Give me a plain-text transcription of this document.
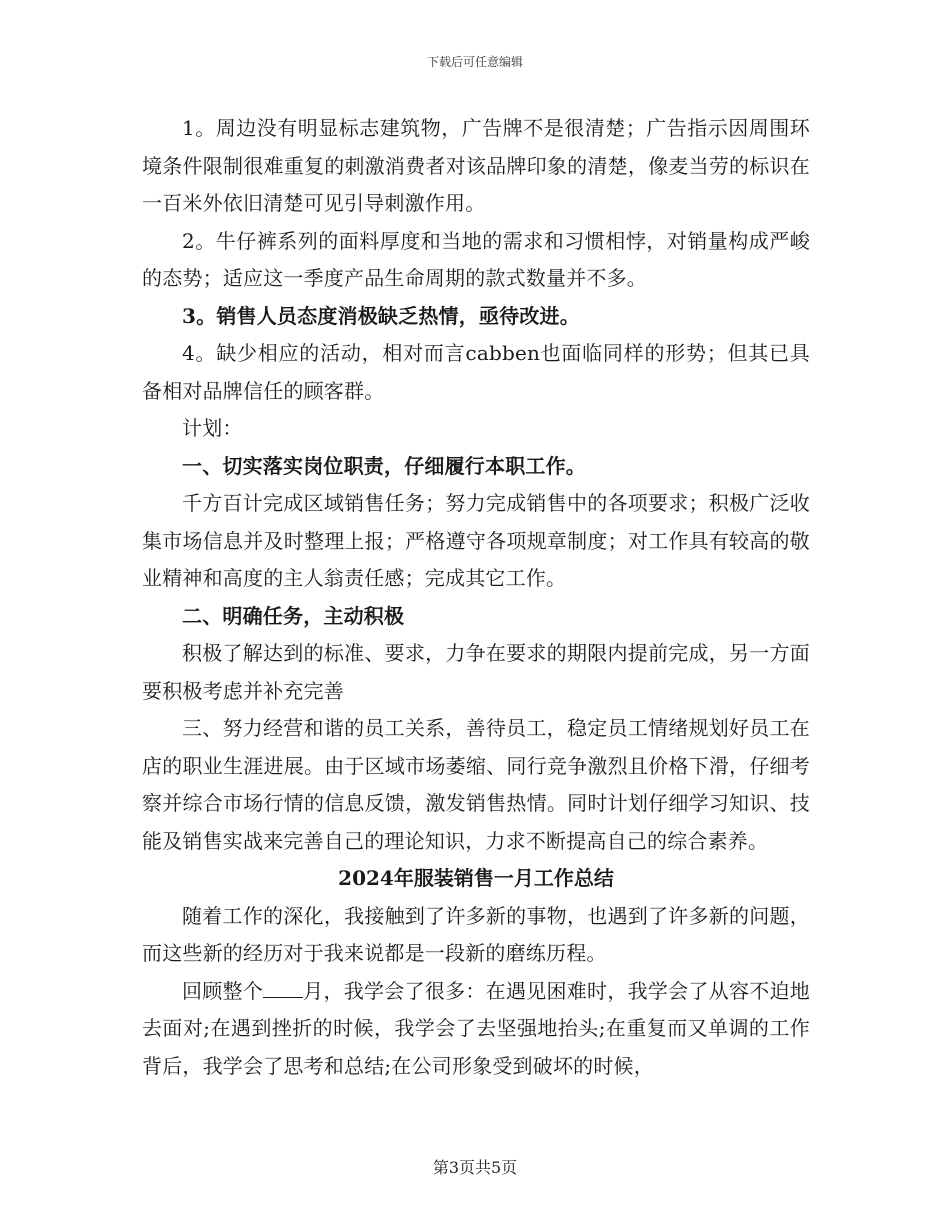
下载后可任意编辑

1。周边没有明显标志建筑物，广告牌不是很清楚；广告指示因周围环境条件限制很难重复的刺激消费者对该品牌印象的清楚，像麦当劳的标识在一百米外依旧清楚可见引导刺激作用。

2。牛仔裤系列的面料厚度和当地的需求和习惯相悖，对销量构成严峻的态势；适应这一季度产品生命周期的款式数量并不多。

3。销售人员态度消极缺乏热情，亟待改进。

4。缺少相应的活动，相对而言cabben也面临同样的形势；但其已具备相对品牌信任的顾客群。

计划：

一、切实落实岗位职责，仔细履行本职工作。

千方百计完成区域销售任务；努力完成销售中的各项要求；积极广泛收集市场信息并及时整理上报；严格遵守各项规章制度；对工作具有较高的敬业精神和高度的主人翁责任感；完成其它工作。

二、明确任务，主动积极

积极了解达到的标准、要求，力争在要求的期限内提前完成，另一方面要积极考虑并补充完善

三、努力经营和谐的员工关系，善待员工，稳定员工情绪规划好员工在店的职业生涯进展。由于区域市场萎缩、同行竞争激烈且价格下滑，仔细考察并综合市场行情的信息反馈，激发销售热情。同时计划仔细学习知识、技能及销售实战来完善自己的理论知识，力求不断提高自己的综合素养。

2024年服装销售一月工作总结

随着工作的深化，我接触到了许多新的事物，也遇到了许多新的问题，而这些新的经历对于我来说都是一段新的磨练历程。

回顾整个 月，我学会了很多：在遇见困难时，我学会了从容不迫地去面对;在遇到挫折的时候，我学会了去坚强地抬头;在重复而又单调的工作背后，我学会了思考和总结;在公司形象受到破坏的时候，

第3页共5页
